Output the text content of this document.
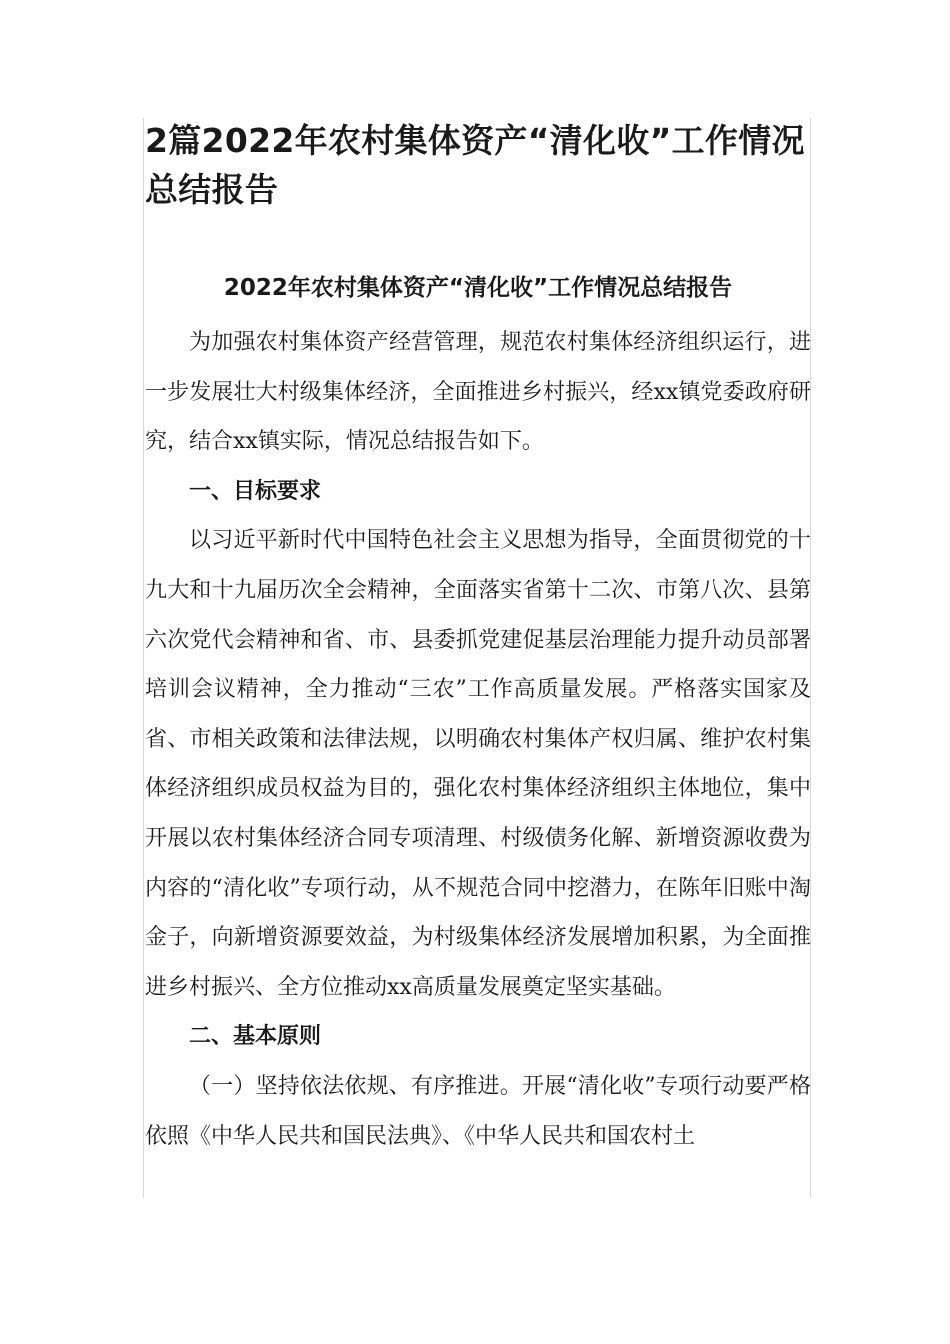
2篇2022年农村集体资产“清化收”工作情况总结报告
2022年农村集体资产“清化收”工作情况总结报告

为加强农村集体资产经营管理，规范农村集体经济组织运行，进一步发展壮大村级集体经济，全面推进乡村振兴，经xx镇党委政府研究，结合xx镇实际，情况总结报告如下。

一、目标要求

以习近平新时代中国特色社会主义思想为指导，全面贯彻党的十九大和十九届历次全会精神，全面落实省第十二次、市第八次、县第六次党代会精神和省、市、县委抓党建促基层治理能力提升动员部署培训会议精神，全力推动“三农”工作高质量发展。严格落实国家及省、市相关政策和法律法规，以明确农村集体产权归属、维护农村集体经济组织成员权益为目的，强化农村集体经济组织主体地位，集中开展以农村集体经济合同专项清理、村级债务化解、新增资源收费为内容的“清化收”专项行动，从不规范合同中挖潜力，在陈年旧账中淘金子，向新增资源要效益，为村级集体经济发展增加积累，为全面推进乡村振兴、全方位推动xx高质量发展奠定坚实基础。

二、基本原则

（一）坚持依法依规、有序推进。开展“清化收”专项行动要严格依照《中华人民共和国民法典》、《中华人民共和国农村土
